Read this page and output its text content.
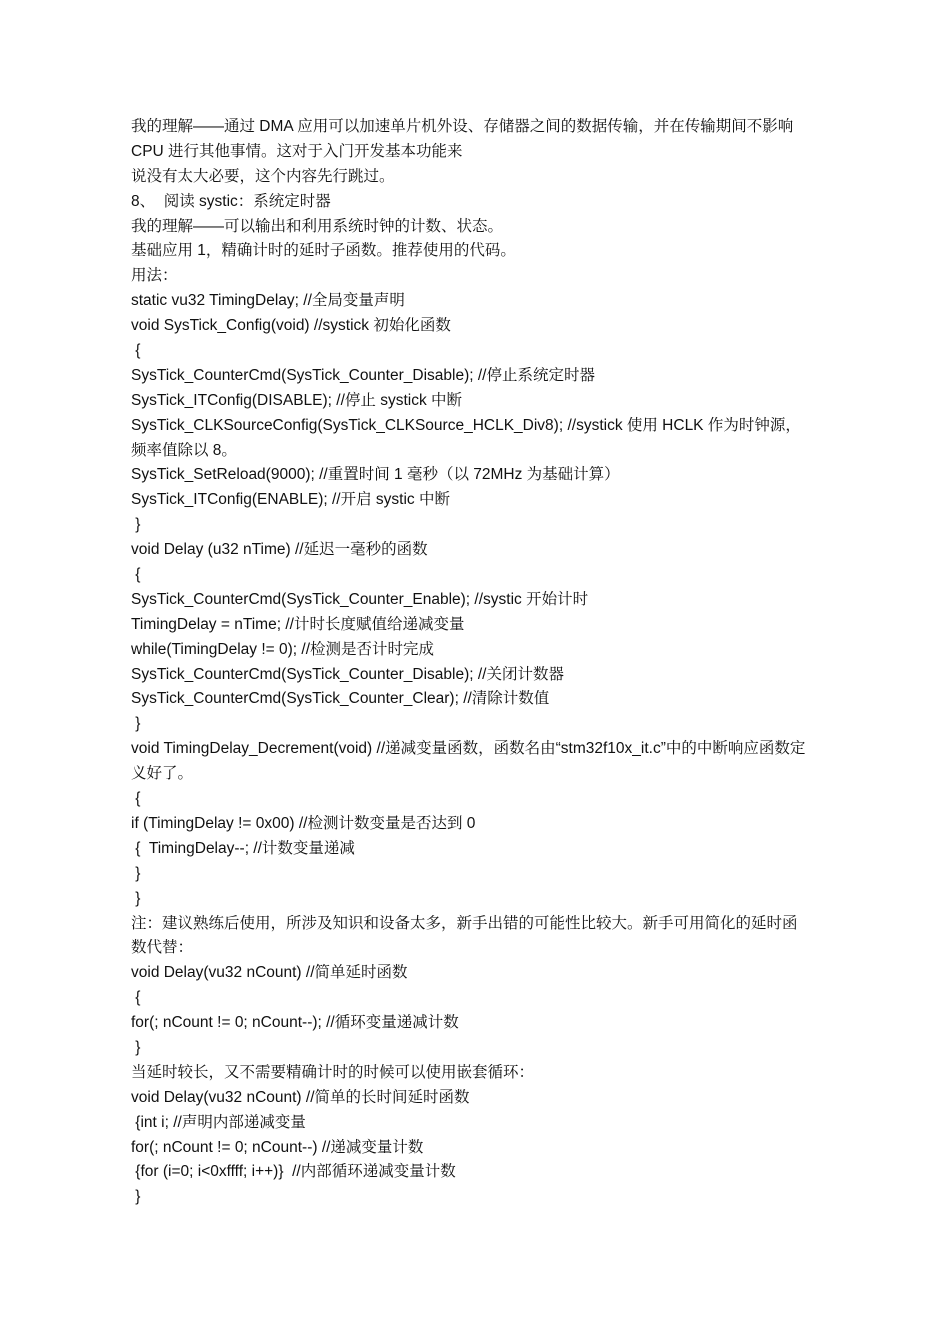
我的理解——通过 DMA 应用可以加速单片机外设、存储器之间的数据传输，并在传输期间不影响
CPU 进行其他事情。这对于入门开发基本功能来
说没有太大必要，这个内容先行跳过。
8、  阅读 systic：系统定时器
我的理解——可以输出和利用系统时钟的计数、状态。
基础应用 1，精确计时的延时子函数。推荐使用的代码。
用法：
static vu32 TimingDelay; //全局变量声明
void SysTick_Config(void) //systick 初始化函数
{
SysTick_CounterCmd(SysTick_Counter_Disable); //停止系统定时器
SysTick_ITConfig(DISABLE); //停止 systick 中断
SysTick_CLKSourceConfig(SysTick_CLKSource_HCLK_Div8); //systick 使用 HCLK 作为时钟源，
频率值除以 8。
SysTick_SetReload(9000); //重置时间 1 毫秒（以 72MHz 为基础计算）
SysTick_ITConfig(ENABLE); //开启 systic 中断
}
void Delay (u32 nTime) //延迟一毫秒的函数
{
SysTick_CounterCmd(SysTick_Counter_Enable); //systic 开始计时
TimingDelay = nTime; //计时长度赋值给递减变量
while(TimingDelay != 0); //检测是否计时完成
SysTick_CounterCmd(SysTick_Counter_Disable); //关闭计数器
SysTick_CounterCmd(SysTick_Counter_Clear); //清除计数值
}
void TimingDelay_Decrement(void) //递减变量函数，函数名由“stm32f10x_it.c”中的中断响应函数定
义好了。
{
if (TimingDelay != 0x00) //检测计数变量是否达到 0
{  TimingDelay--; //计数变量递减
}
}
注：建议熟练后使用，所涉及知识和设备太多，新手出错的可能性比较大。新手可用简化的延时函
数代替：
void Delay(vu32 nCount) //简单延时函数
{
for(; nCount != 0; nCount--); //循环变量递减计数
}
当延时较长，又不需要精确计时的时候可以使用嵌套循环：
void Delay(vu32 nCount) //简单的长时间延时函数
{int i; //声明内部递减变量
for(; nCount != 0; nCount--) //递减变量计数
{for (i=0; i<0xffff; i++)}  //内部循环递减变量计数
}
